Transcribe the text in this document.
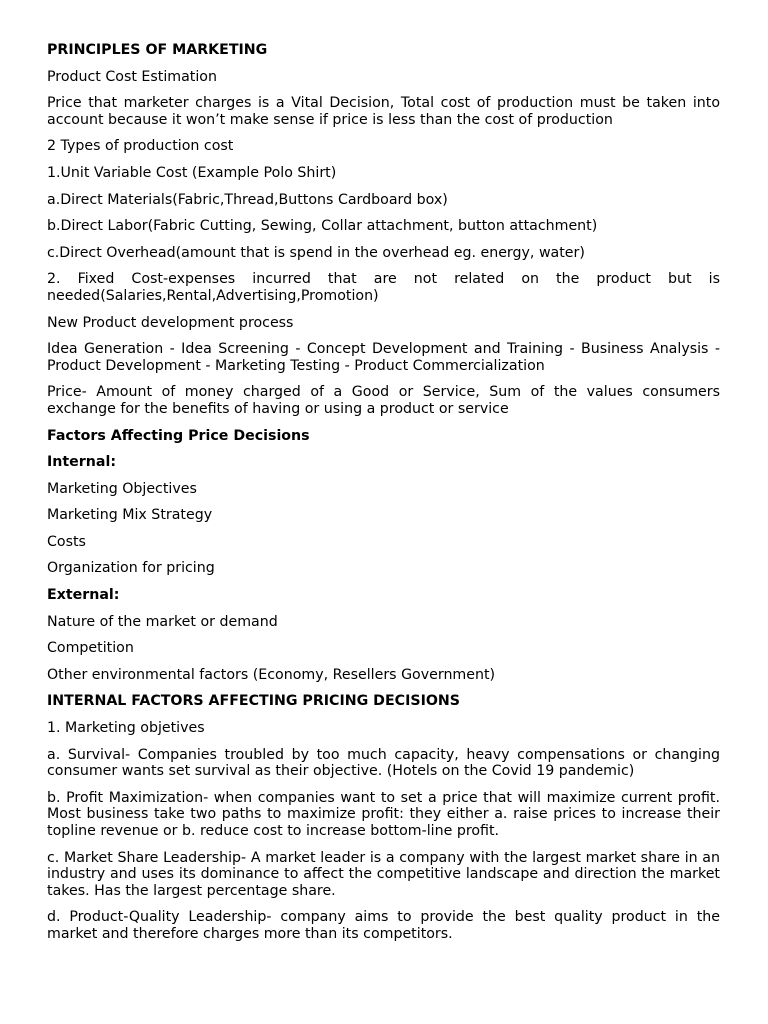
PRINCIPLES OF MARKETING

Product Cost Estimation

Price that marketer charges is a Vital Decision, Total cost of production must be taken into account because it won’t make sense if price is less than the cost of production

2 Types of production cost

1.Unit Variable Cost (Example Polo Shirt)

a.Direct Materials(Fabric,Thread,Buttons Cardboard box)

b.Direct Labor(Fabric Cutting, Sewing, Collar attachment, button attachment)

c.Direct Overhead(amount that is spend in the overhead eg. energy, water)

2. Fixed Cost-expenses incurred that are not related on the product but is needed(Salaries,Rental,Advertising,Promotion)

New Product development process

Idea Generation - Idea Screening - Concept Development and Training - Business Analysis - Product Development - Marketing Testing - Product Commercialization

Price- Amount of money charged of a Good or Service, Sum of the values consumers exchange for the benefits of having or using a product or service

Factors Affecting Price Decisions

Internal:

Marketing Objectives

Marketing Mix Strategy

Costs

Organization for pricing

External:

Nature of the market or demand

Competition

Other environmental factors (Economy, Resellers Government)

INTERNAL FACTORS AFFECTING PRICING DECISIONS

1. Marketing objetives

a. Survival- Companies troubled by too much capacity, heavy compensations or changing consumer wants set survival as their objective. (Hotels on the Covid 19 pandemic)

b. Profit Maximization- when companies want to set a price that will maximize current profit. Most business take two paths to maximize profit: they either a. raise prices to increase their topline revenue or b. reduce cost to increase bottom-line profit.

c. Market Share Leadership- A market leader is a company with the largest market share in an industry and uses its dominance to affect the competitive landscape and direction the market takes. Has the largest percentage share.

d. Product-Quality Leadership- company aims to provide the best quality product in the market and therefore charges more than its competitors.
